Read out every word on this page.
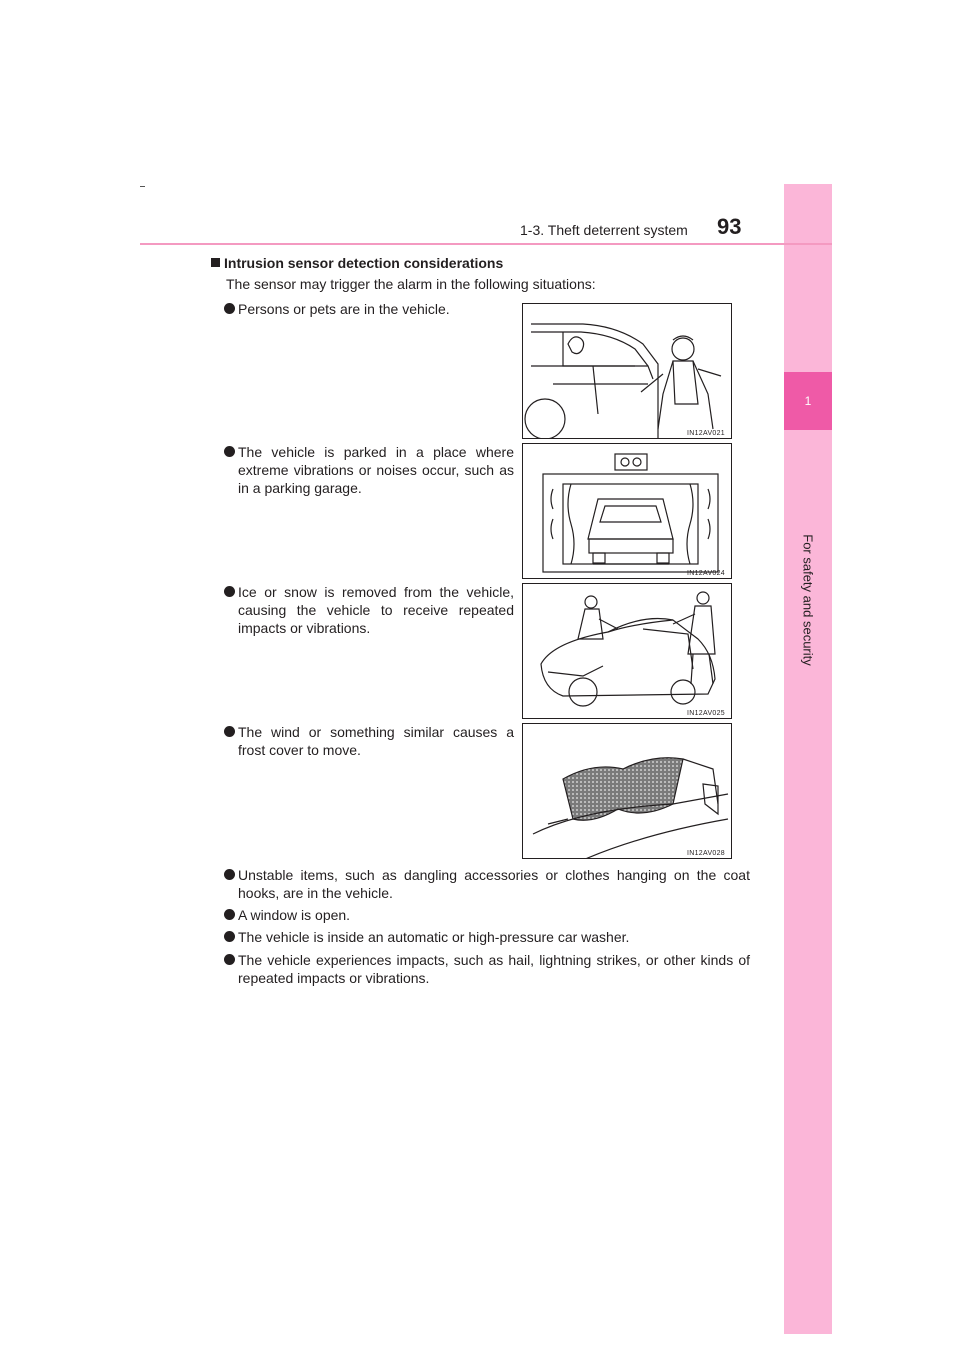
1
For safety and security
1-3. Theft deterrent system	93
Intrusion sensor detection considerations
The sensor may trigger the alarm in the following situations:
Persons or pets are in the vehicle.
The vehicle is parked in a place where extreme vibrations or noises occur, such as in a parking garage.
Ice or snow is removed from the vehicle, causing the vehicle to receive repeated impacts or vibrations.
The wind or something similar causes a frost cover to move.
IN12AV021
IN12AV024
IN12AV025
IN12AV028
Unstable items, such as dangling accessories or clothes hanging on the coat hooks, are in the vehicle.
A window is open.
The vehicle is inside an automatic or high-pressure car washer.
The vehicle experiences impacts, such as hail, lightning strikes, or other kinds of repeated impacts or vibrations.
